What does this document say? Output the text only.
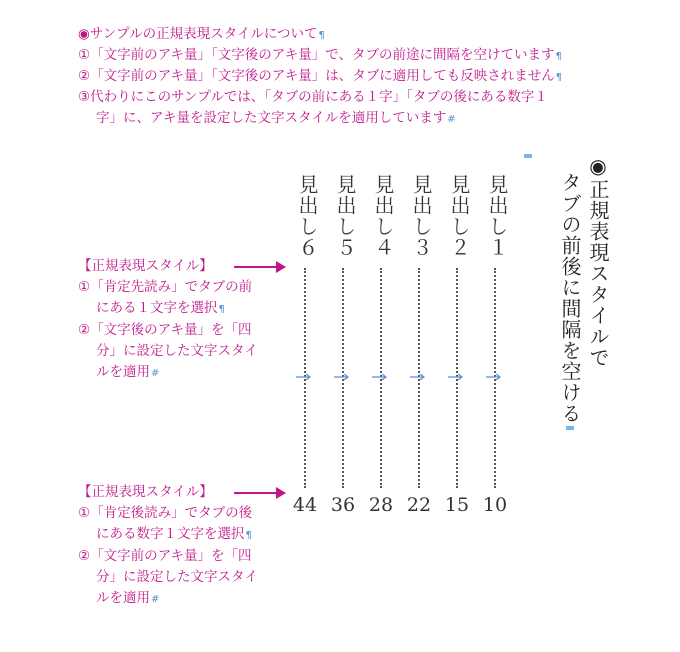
◉サンプルの正規表現スタイルについて¶

①「文字前のアキ量」「文字後のアキ量」で、タブの前途に間隔を空けています¶

②「文字前のアキ量」「文字後のアキ量」は、タブに適用しても反映されません¶

③代わりにこのサンプルでは、「タブの前にある１字」「タブの後にある数字１

字」に、アキ量を設定した文字スタイルを適用しています#

◉正規表現スタイルで
タブの前後に間隔を空ける
見出し１
見出し２
見出し３
見出し４
見出し５
見出し６
10
15
22
28
36
44
【正規表現スタイル】
①「肯定先読み」でタブの前
にある１文字を選択¶
②「文字後のアキ量」を「四
分」に設定した文字スタイ
ルを適用#
【正規表現スタイル】
①「肯定後読み」でタブの後
にある数字１文字を選択¶
②「文字前のアキ量」を「四
分」に設定した文字スタイ
ルを適用#
